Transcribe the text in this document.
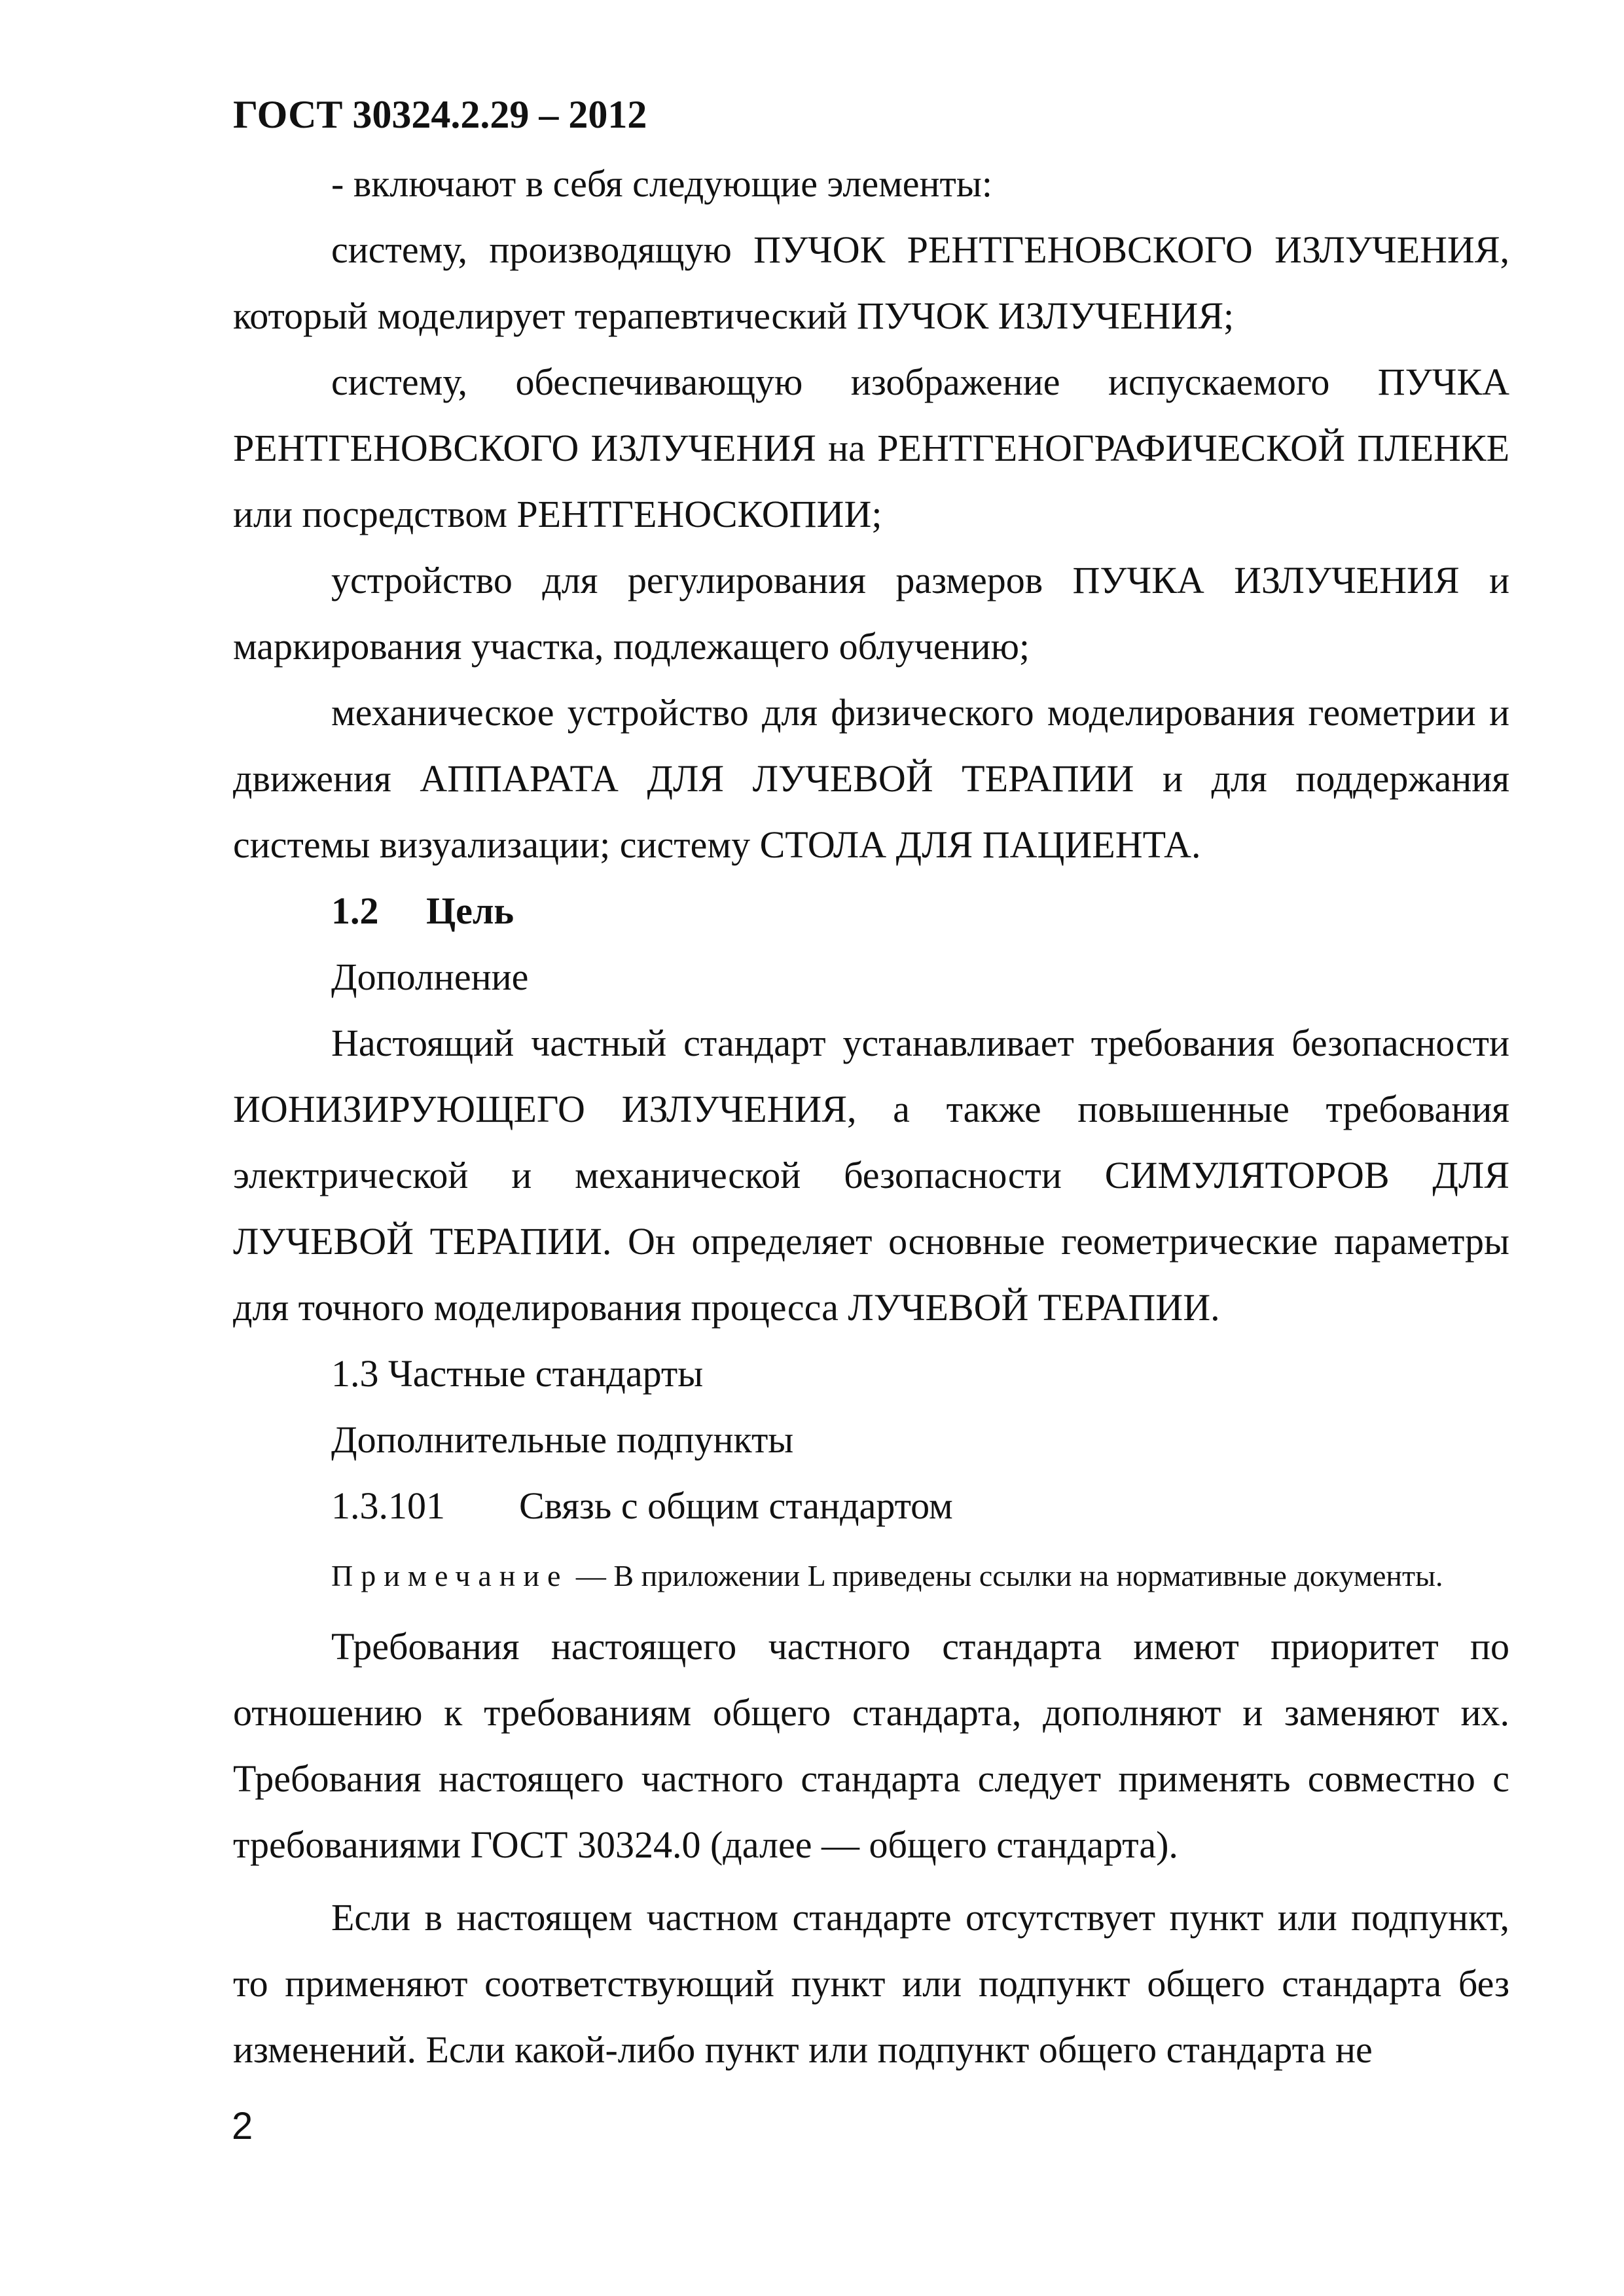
ГОСТ 30324.2.29 – 2012

- включают в себя следующие элементы:

систему, производящую ПУЧОК РЕНТГЕНОВСКОГО ИЗЛУЧЕНИЯ, который моделирует терапевтический ПУЧОК ИЗЛУЧЕНИЯ;

систему, обеспечивающую изображение испускаемого ПУЧКА РЕНТГЕНОВСКОГО ИЗЛУЧЕНИЯ на РЕНТГЕНОГРАФИЧЕСКОЙ ПЛЕНКЕ или посредством РЕНТГЕНОСКОПИИ;

устройство для регулирования размеров ПУЧКА ИЗЛУЧЕНИЯ и маркирования участка, подлежащего облучению;

механическое устройство для физического моделирования геометрии и движения АППАРАТА ДЛЯ ЛУЧЕВОЙ ТЕРАПИИ и для поддержания системы визуализации; систему СТОЛА ДЛЯ ПАЦИЕНТА.

1.2 Цель

Дополнение

Настоящий частный стандарт устанавливает требования безопасности ИОНИЗИРУЮЩЕГО ИЗЛУЧЕНИЯ, а также повышенные требования электрической и механической безопасности СИМУЛЯТОРОВ ДЛЯ ЛУЧЕВОЙ ТЕРАПИИ. Он определяет основные геометрические параметры для точного моделирования процесса ЛУЧЕВОЙ ТЕРАПИИ.

1.3 Частные стандарты

Дополнительные подпункты

1.3.101 Связь с общим стандартом

Примечание — В приложении L приведены ссылки на нормативные документы.

Требования настоящего частного стандарта имеют приоритет по отношению к требованиям общего стандарта, дополняют и заменяют их. Требования настоящего частного стандарта следует применять совместно с требованиями ГОСТ 30324.0 (далее — общего стандарта).

Если в настоящем частном стандарте отсутствует пункт или подпункт, то применяют соответствующий пункт или подпункт общего стандарта без изменений. Если какой-либо пункт или подпункт общего стандарта не

2
